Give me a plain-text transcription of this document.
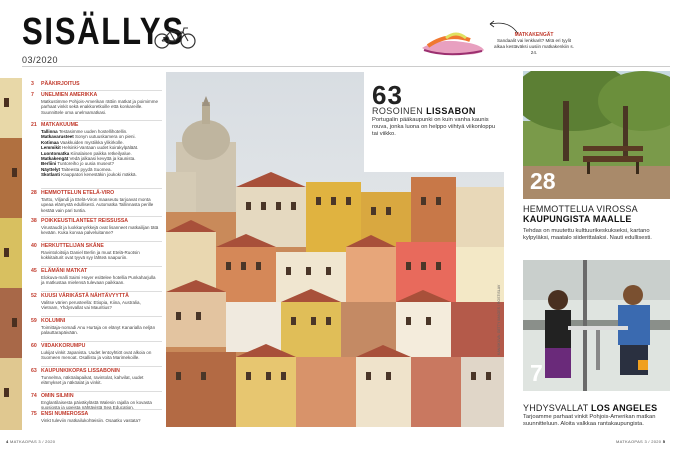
SISÄLLYS
03/2020
MATKAKENGÄT
Sandaalit vai lenkkarit? Mitä eri tyylit alkaa kestäväksi uusiin matkakenkiin s. 24.
3 PÄÄKIRJOITUS
7 UNELMIEN AMERIKKA
Matkustimme Pohjois-Amerikan rättiin matkat ja poimimme parhaat vinkit sekä enakkoretkoille että konkareille. Suunnittele oma unelmamatkasi.
21 MATKAKUUME
Tallinna Testasimme uuden hostellihotellin.
Matkavarusteet Sonyn uutuuskamera on pieni.
Kotimaa Vaakkuiden mystiikka ylikirkolle.
Lemmikit Helsinki-Vantaan uudet koirakylpäläät.
Luontomatka Kiinalaisen paikka retkeilyalue.
Matkakengät Vedä jalkaasi kevyttä ja kaunista.
Berliini Tuntoreiho jo uusia museot?
Näyttelyt Taiteesta pyydä Suomea.
Skotlanti Kauppatori kenestäkin joukoki mäkkä.
28 HEMMOTTELUN ETELÄ-VIRO
Tartto, Viljandi ja Etelä-Viron maaseutu tarjoavat monta upeaa elämystä edullisesti. Automatka Tallinnasta perille kestää vain pari tuntia.
38 POIKKEUSTILANTEET REISSUSSA
Virustaudit ja luokkanyrkkejä ovat lisanneet matkailijan tätä kevään. Kuka korvaa palveluitanne?
40 HERKUTTELIJAN SKÅNE
Ravintoloitsija Daniel Berlin ja muut Etelä-Ruotsin kokkitaiturit ovat tyyvä syy lähteä naapuriin.
45 ELÄMÄNI MATKAT
Elokuva-malli Saimi Hoyer esittelee hotellia Punkaharjulla ja matkustaa mielensä tulevaan paikkaan.
52 KUUSI VÄRIKÄSTÄ NÄHTÄVYYTTÄ
Valitse värien perusteella: Etiopia, Kiina, Australia, Vietnam, Yhdysvallat vai Mauritius?
59 KOLUMNI
Toimittaja-nomadi Anu Hurtaja on elänyt Kanarialla neljän palauttarapäivään.
60 VIIDAKKORUMPU
Lukijat vinkit Japanista. Uudet lentoyhtiöt ovat alkoia on Suomeen menoat. Osallistu ja voita Marimekoille.
63 KAUPUNKIKOPAS LISSABONIN
Tunnelma, näköalapaikat, ravintolat, kahvilat, uudet elämykset ja näköalat ja vinkit.
74 OMIN SILMIN
Englantilaisesta päiväkylästä Walesin rajalla on kovasta suosiosta ja upeista nähtävistä Sea Education.
75 ENSI NUMEROSSA
Vinkt tuleviin matkailukohteisiin. Osaatko vastata?
63
ROSOINEN LISSABON
Portugalin pääkaupunki on kuin vanha kaunis rouva, jonka luona on helppo viihtyä viikonloppu tai viikko.
KANSIKUVA: GETTY IMAGES / ROSTISLAV
28
HEMMOTTELUA VIROSSA
KAUPUNGISTA MAALLE
Tehdas on muutettu kulttuurikeskukseksi, kartano kylpyläksi, maatalo siiderittalaksi. Nauti edullisesti.
7
YHDYSVALLAT LOS ANGELES
Tarjoamme parhaat vinkit Pohjois-Amerikan matkan suunnitteluun. Aloita valkkaa rantakaupungista.
4 MATKAOPAS 3 / 2020	MATKAOPAS 3 / 2020 5
